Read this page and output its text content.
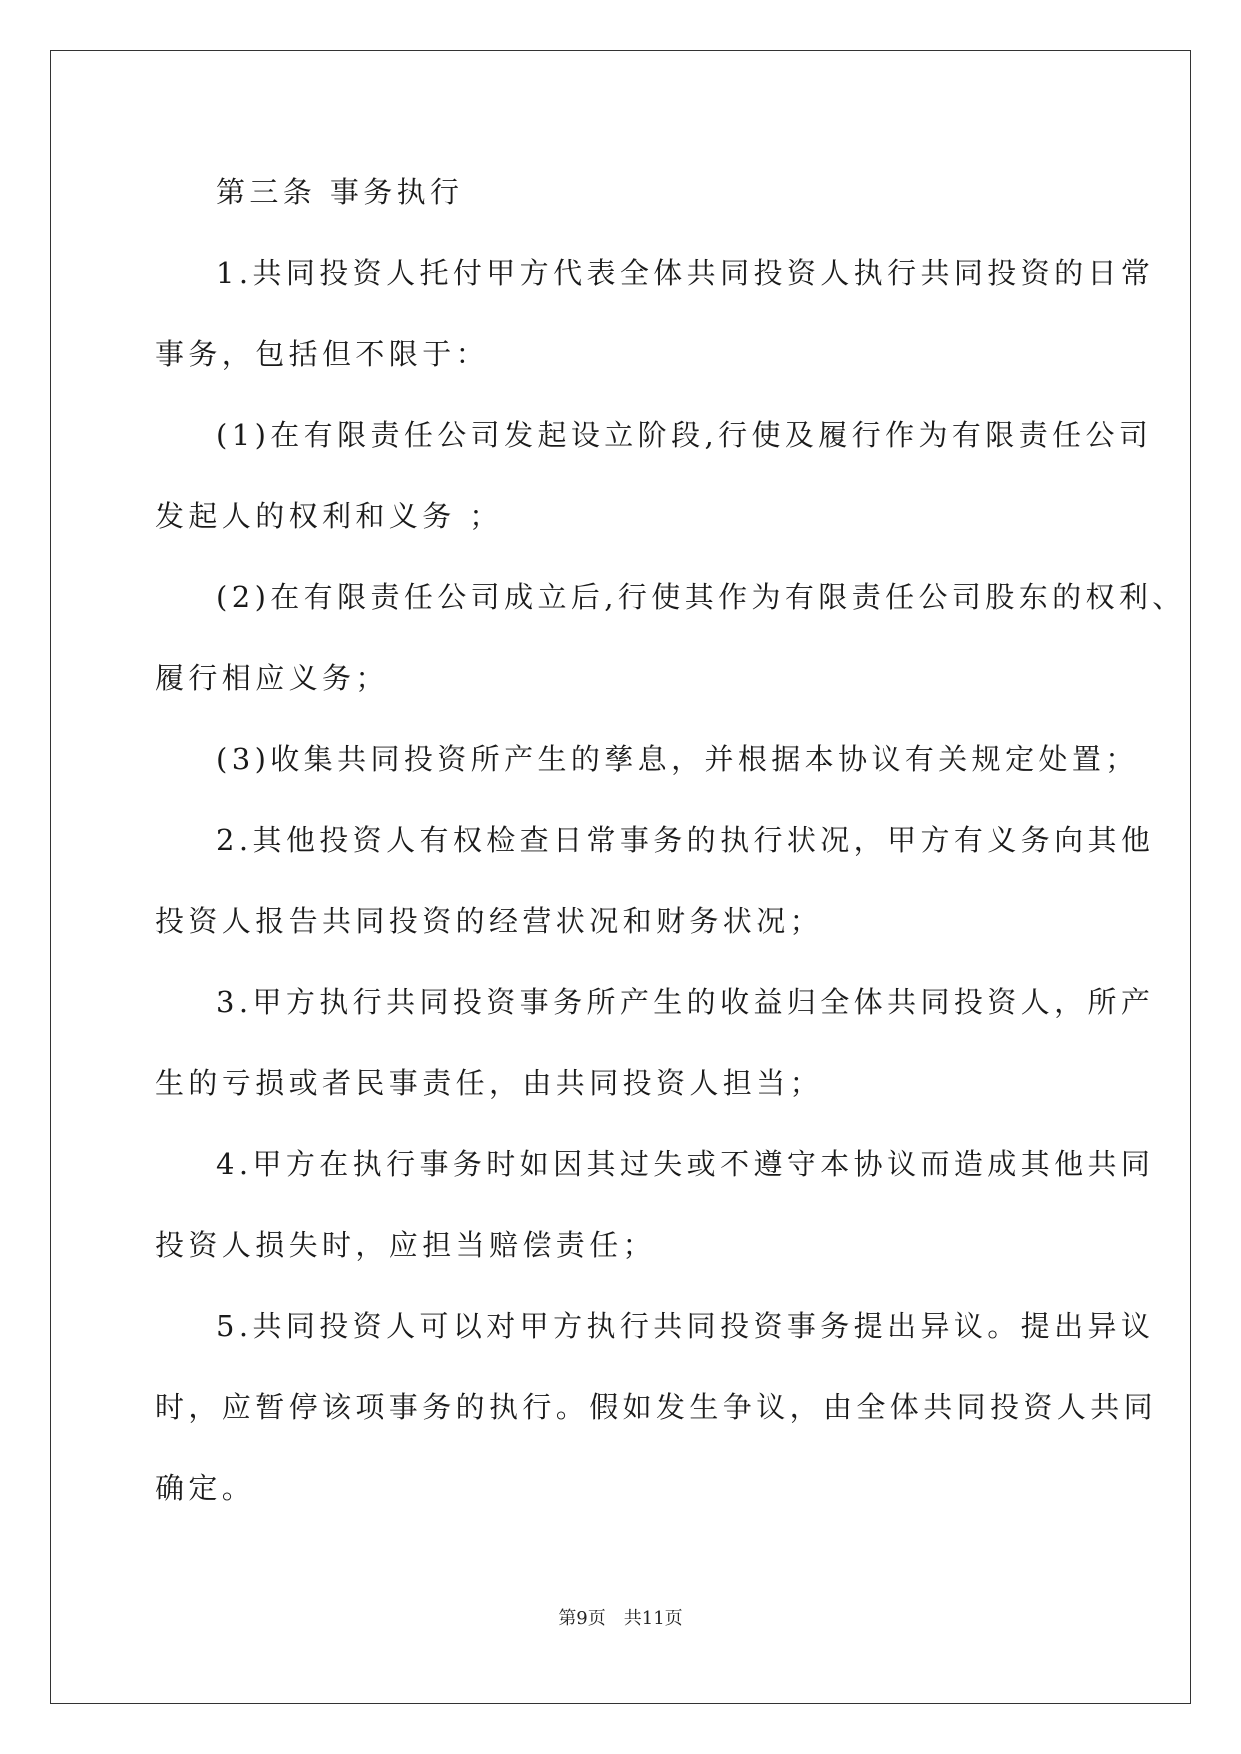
第三条 事务执行
1.共同投资人托付甲方代表全体共同投资人执行共同投资的日常
事务，包括但不限于：
(1)在有限责任公司发起设立阶段,行使及履行作为有限责任公司
发起人的权利和义务 ；
(2)在有限责任公司成立后,行使其作为有限责任公司股东的权利、
履行相应义务；
(3)收集共同投资所产生的孳息，并根据本协议有关规定处置；
2.其他投资人有权检查日常事务的执行状况，甲方有义务向其他
投资人报告共同投资的经营状况和财务状况；
3.甲方执行共同投资事务所产生的收益归全体共同投资人，所产
生的亏损或者民事责任，由共同投资人担当；
4.甲方在执行事务时如因其过失或不遵守本协议而造成其他共同
投资人损失时，应担当赔偿责任；
5.共同投资人可以对甲方执行共同投资事务提出异议。提出异议
时，应暂停该项事务的执行。假如发生争议，由全体共同投资人共同
确定。
第9页　共11页
